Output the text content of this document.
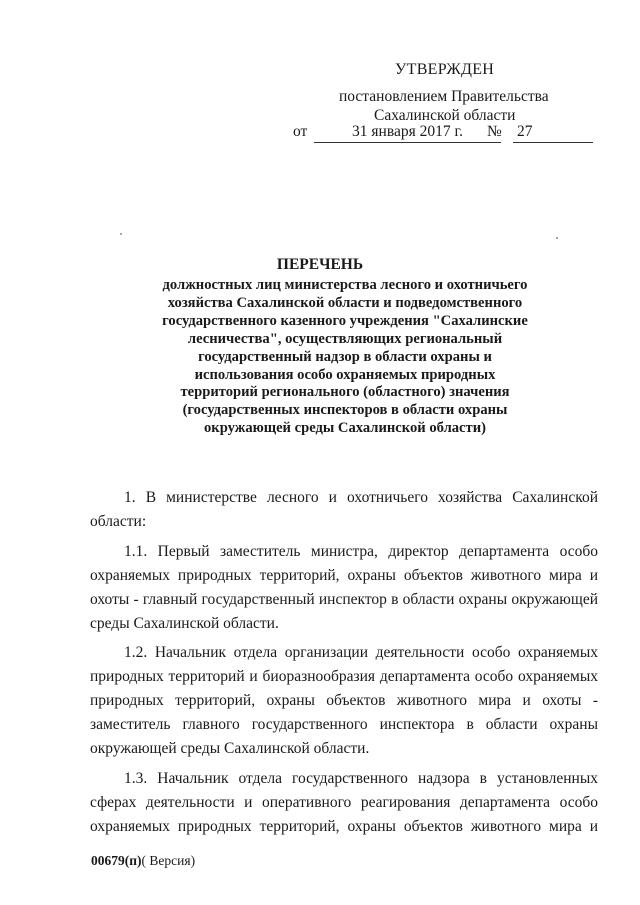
УТВЕРЖДЕН
постановлением Правительства
Сахалинской области
от	31 января 2017 г.	№ 27
ПЕРЕЧЕНЬ
должностных лиц министерства лесного и охотничьего
хозяйства Сахалинской области и подведомственного
государственного казенного учреждения "Сахалинские
лесничества", осуществляющих региональный
государственный надзор в области охраны и
использования особо охраняемых природных
территорий регионального (областного) значения
(государственных инспекторов в области охраны
окружающей среды Сахалинской области)
1. В министерстве лесного и охотничьего хозяйства Сахалинской
области:
1.1. Первый заместитель министра, директор департамента особо
охраняемых природных территорий, охраны объектов животного мира и
охоты - главный государственный инспектор в области охраны окружающей
среды Сахалинской области.
1.2. Начальник отдела организации деятельности особо охраняемых
природных территорий и биоразнообразия департамента особо охраняемых
природных территорий, охраны объектов животного мира и охоты -
заместитель главного государственного инспектора в области охраны
окружающей среды Сахалинской области.
1.3. Начальник отдела государственного надзора в установленных
сферах деятельности и оперативного реагирования департамента особо
охраняемых природных территорий, охраны объектов животного мира и
00679(п)( Версия)
